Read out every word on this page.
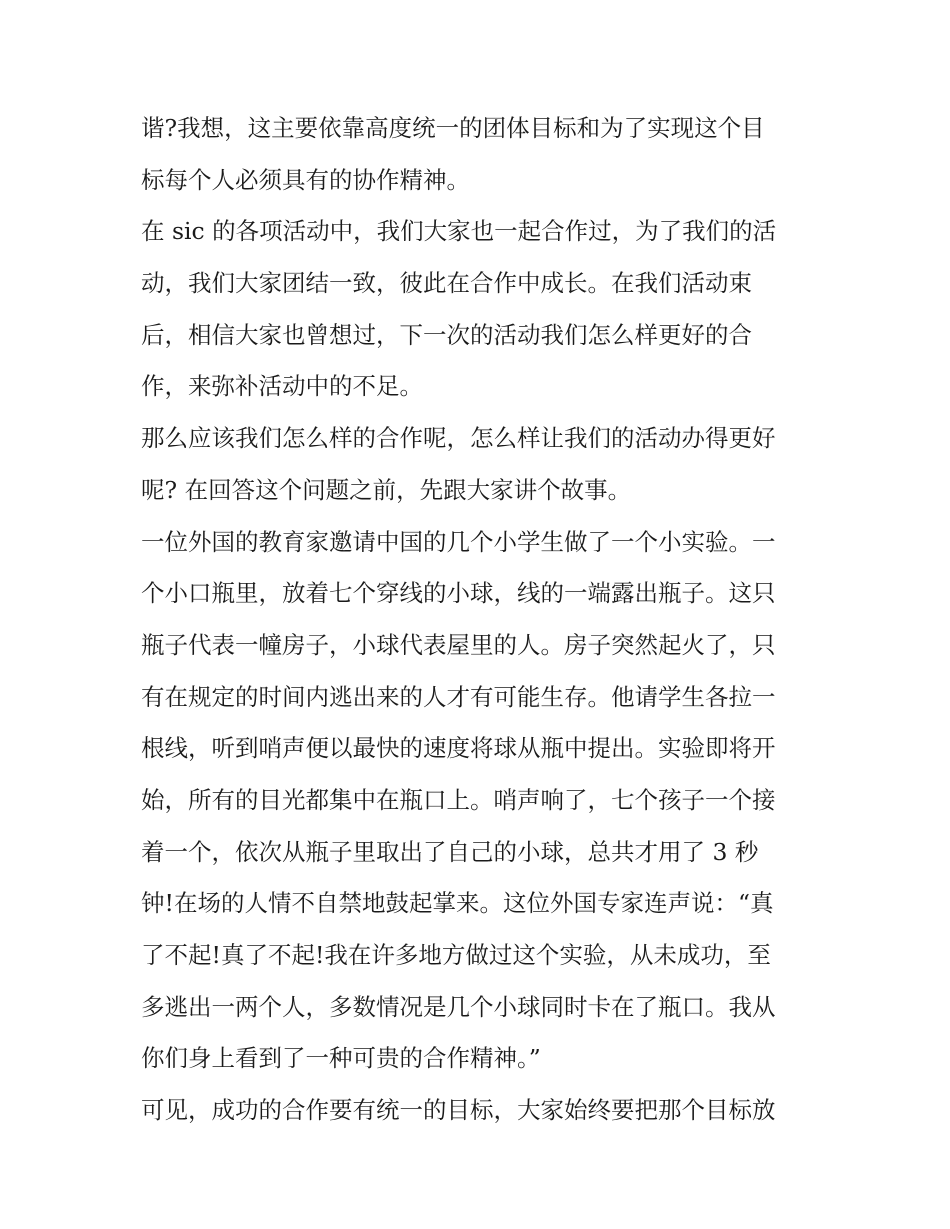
谐?我想，这主要依靠高度统一的团体目标和为了实现这个目
标每个人必须具有的协作精神。
在 sic 的各项活动中，我们大家也一起合作过，为了我们的活
动，我们大家团结一致，彼此在合作中成长。在我们活动束
后，相信大家也曾想过，下一次的活动我们怎么样更好的合
作，来弥补活动中的不足。
那么应该我们怎么样的合作呢，怎么样让我们的活动办得更好
呢? 在回答这个问题之前，先跟大家讲个故事。
一位外国的教育家邀请中国的几个小学生做了一个小实验。一
个小口瓶里，放着七个穿线的小球，线的一端露出瓶子。这只
瓶子代表一幢房子，小球代表屋里的人。房子突然起火了，只
有在规定的时间内逃出来的人才有可能生存。他请学生各拉一
根线，听到哨声便以最快的速度将球从瓶中提出。实验即将开
始，所有的目光都集中在瓶口上。哨声响了，七个孩子一个接
着一个，依次从瓶子里取出了自己的小球，总共才用了 3 秒
钟!在场的人情不自禁地鼓起掌来。这位外国专家连声说：“真
了不起!真了不起!我在许多地方做过这个实验，从未成功，至
多逃出一两个人，多数情况是几个小球同时卡在了瓶口。我从
你们身上看到了一种可贵的合作精神。”
可见，成功的合作要有统一的目标，大家始终要把那个目标放
